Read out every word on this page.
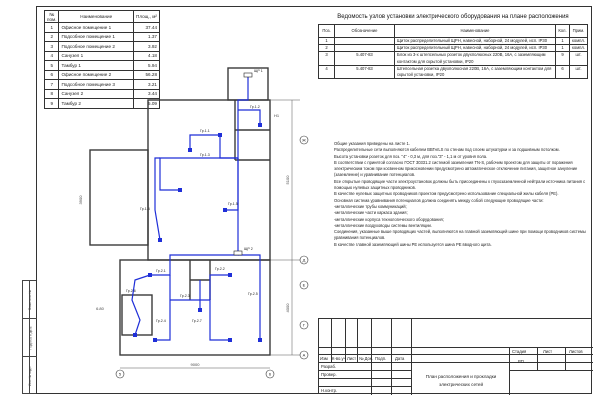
Взам. инв. №
Подпись и дата
Инв. № подл.
№ пом.	Наименование	Площ., м²
1	Офисное помещение 1	37.44
2	Подсобное помещение 1	1.37
3	Подсобное помещение 2	3.92
4	Санузел 1	4.18
5	Тамбур 1	5.94
6	Офисное помещение 2	56.28
7	Подсобное помещение 3	3.21
8	Санузел 2	3.44
9	Тамбур 2	5.09
Ведомость узлов установки электрического оборудования на плане расположения
Поз.	Обозначение	Наименование	Кол.	Прим.
1		Щиток распределительный ЩРН, навесной, наборной, 24 модулей, исп. IP30	1	компл.
2		Щиток распределительный ЩРН, навесной, наборной, 24 модулей, исп. IP30	1	компл.
3	5.407-83	Блок из 3-х штепсельных розеток двухполюсных 220В, 16А, с заземляющим контактом для скрытой установки, IP20	9	шт.
4	5.407-83	Штепсельная розетка двухполюсная 220В, 16А, с заземляющим контактом для скрытой установки, IP20	6	шт.

Общие указания приведены на листе 1.

Распределительные сети выполняются кабелем ВВГнгLS по стенам под слоем штукатурки и за подшивным потолком.

Высота установки розеток для поз. "4" - 0,3 м, для поз."3" - 1,1 м от уровня пола.

В соответствии с принятой согласно ГОСТ 30331.2 системой заземления TN-S, рабочим проектом для защиты от поражения электрическим током при косвенном прикосновении предусмотрено автоматическое отключение питания, защитное зануление (заземление) и уравнивание потенциалов.

Все открытые проводящие части электроустановок должны быть присоединены к глухозаземленной нейтрали источника питания с помощью нулевых защитных проводников.

В качестве нулевых защитных проводников проектом предусмотрено использование специальной жилы кабеля (PE).

Основная система уравнивания потенциалов должна соединять между собой следующие проводящие части:

-металлические трубы коммуникаций;

-металлические части каркаса здания;

-металлические корпуса технологического оборудования;

-металлические воздуховоды системы вентиляции.

Соединения, указанные выше проводящих частей, выполняются на главной заземляющей шине при помощи проводников системы уравнивания потенциалов.

В качестве главной заземляющей шины РЕ используется шина РЕ вводного щита.

Ж
Д
Е
Г
А
5	6
ЩР 1
ЩР 2
Гр.1.1
Гр.1.2
Гр.1.3
Гр.1.4
Гр.1.5
Гр.2.2
Гр.2.1
Гр.2.3
Гр.2.4
Гр.2.5
Гр.2.6
Гр.2.7
9000
5100
4000
3900
6.80
H1
Изм К-во.уч Лист № Док. Подп. Дата
Разраб.
Провер.
Н.контр.
Стадия	Лист	Листов
РП
План расположения и прокладки электрических сетей
